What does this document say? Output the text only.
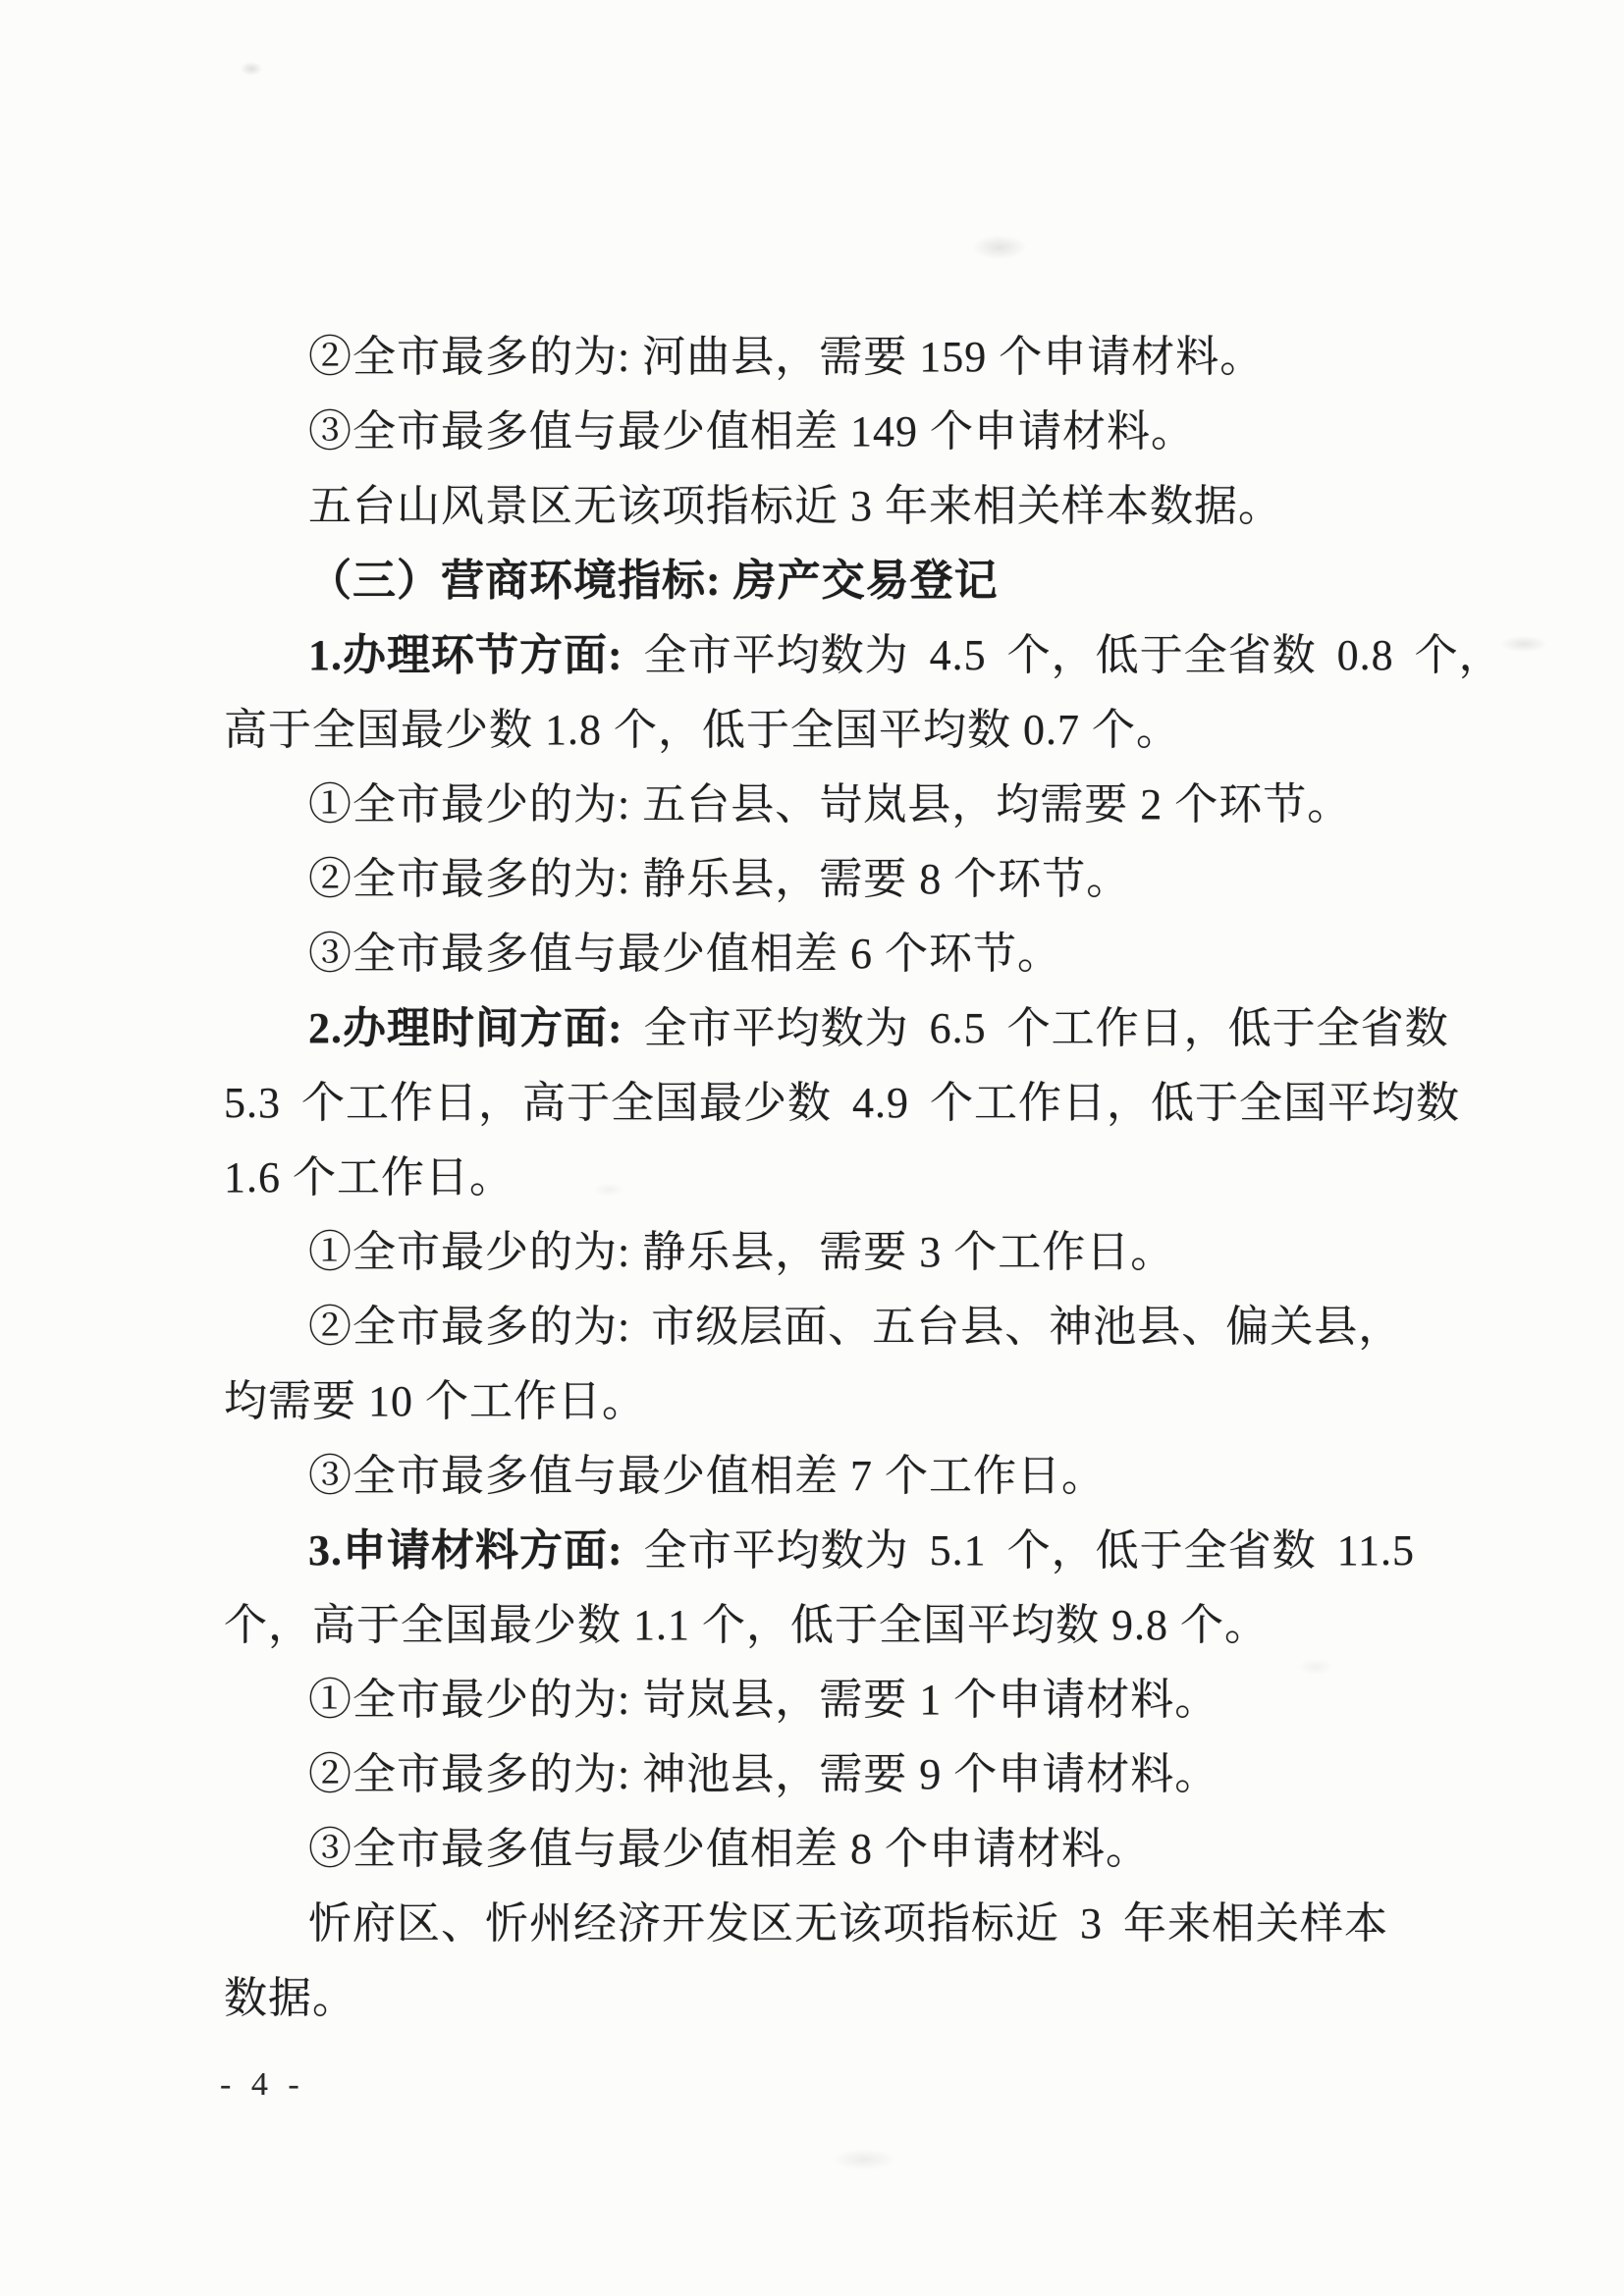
②全市最多的为: 河曲县，需要 159 个申请材料。
③全市最多值与最少值相差 149 个申请材料。
五台山风景区无该项指标近 3 年来相关样本数据。
（三）营商环境指标: 房产交易登记
1.办理环节方面: 全市平均数为 4.5 个，低于全省数 0.8 个，
高于全国最少数 1.8 个，低于全国平均数 0.7 个。
①全市最少的为: 五台县、岢岚县，均需要 2 个环节。
②全市最多的为: 静乐县，需要 8 个环节。
③全市最多值与最少值相差 6 个环节。
2.办理时间方面: 全市平均数为 6.5 个工作日，低于全省数
5.3 个工作日，高于全国最少数 4.9 个工作日，低于全国平均数
1.6 个工作日。
①全市最少的为: 静乐县，需要 3 个工作日。
②全市最多的为: 市级层面、五台县、神池县、偏关县，
均需要 10 个工作日。
③全市最多值与最少值相差 7 个工作日。
3.申请材料方面: 全市平均数为 5.1 个，低于全省数 11.5
个，高于全国最少数 1.1 个，低于全国平均数 9.8 个。
①全市最少的为: 岢岚县，需要 1 个申请材料。
②全市最多的为: 神池县，需要 9 个申请材料。
③全市最多值与最少值相差 8 个申请材料。
忻府区、忻州经济开发区无该项指标近 3 年来相关样本
数据。
- 4 -
